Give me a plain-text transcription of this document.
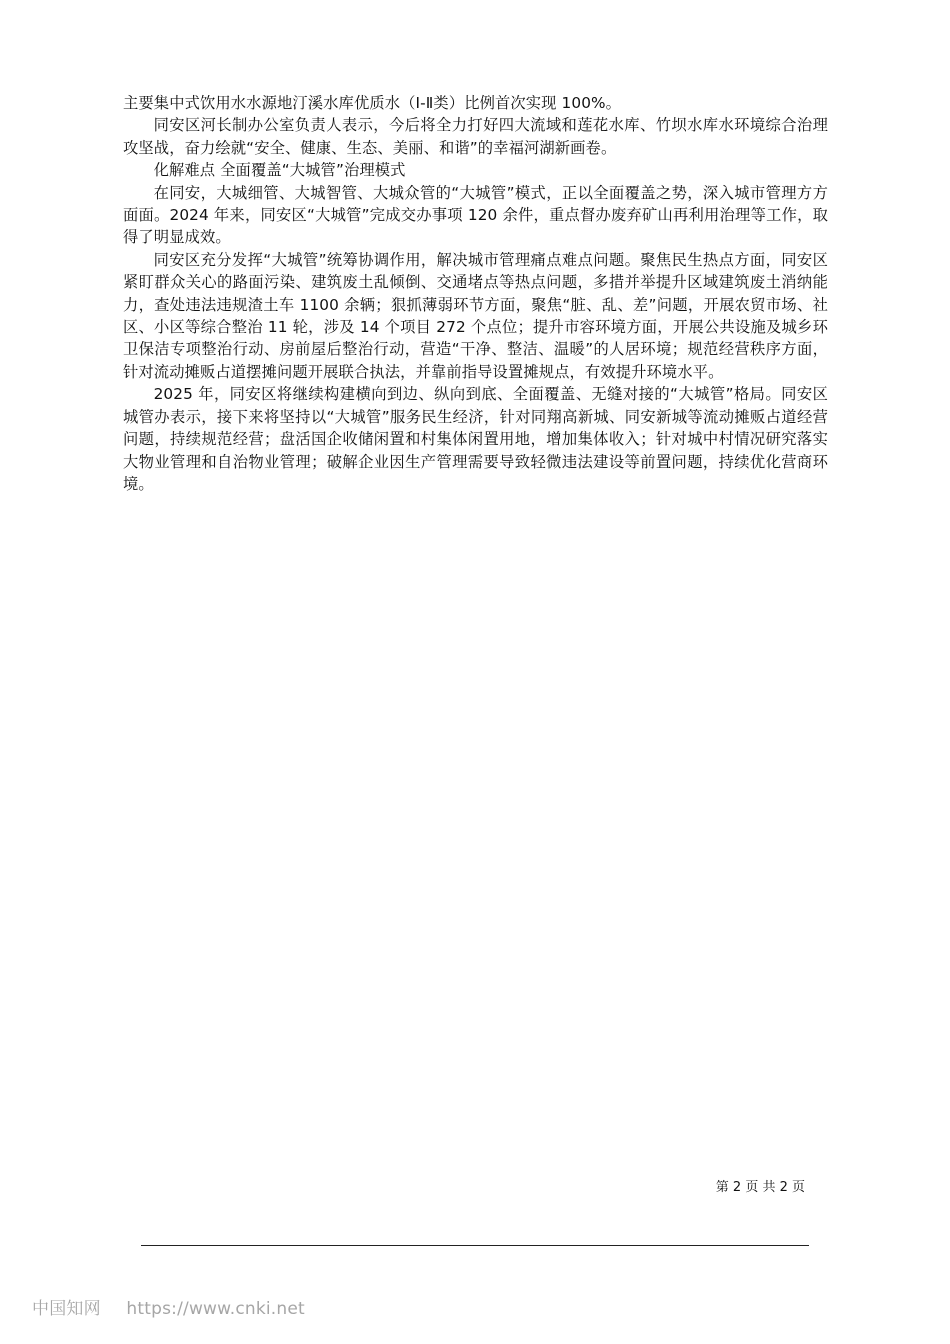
主要集中式饮用水水源地汀溪水库优质水（Ⅰ-Ⅱ类）比例首次实现 100%。

同安区河长制办公室负责人表示，今后将全力打好四大流域和莲花水库、竹坝水库水环境综合治理攻坚战，奋力绘就“安全、健康、生态、美丽、和谐”的幸福河湖新画卷。

化解难点 全面覆盖“大城管”治理模式

在同安，大城细管、大城智管、大城众管的“大城管”模式，正以全面覆盖之势，深入城市管理方方面面。2024 年来，同安区“大城管”完成交办事项 120 余件，重点督办废弃矿山再利用治理等工作，取得了明显成效。

同安区充分发挥“大城管”统筹协调作用，解决城市管理痛点难点问题。聚焦民生热点方面，同安区紧盯群众关心的路面污染、建筑废土乱倾倒、交通堵点等热点问题，多措并举提升区域建筑废土消纳能力，查处违法违规渣土车 1100 余辆；狠抓薄弱环节方面，聚焦“脏、乱、差”问题，开展农贸市场、社区、小区等综合整治 11 轮，涉及 14 个项目 272 个点位；提升市容环境方面，开展公共设施及城乡环卫保洁专项整治行动、房前屋后整治行动，营造“干净、整洁、温暖”的人居环境；规范经营秩序方面，针对流动摊贩占道摆摊问题开展联合执法，并靠前指导设置摊规点，有效提升环境水平。

2025 年，同安区将继续构建横向到边、纵向到底、全面覆盖、无缝对接的“大城管”格局。同安区城管办表示，接下来将坚持以“大城管”服务民生经济，针对同翔高新城、同安新城等流动摊贩占道经营问题，持续规范经营；盘活国企收储闲置和村集体闲置用地，增加集体收入；针对城中村情况研究落实大物业管理和自治物业管理；破解企业因生产管理需要导致轻微违法建设等前置问题，持续优化营商环境。

第 2 页 共 2 页
中国知网 https://www.cnki.net
